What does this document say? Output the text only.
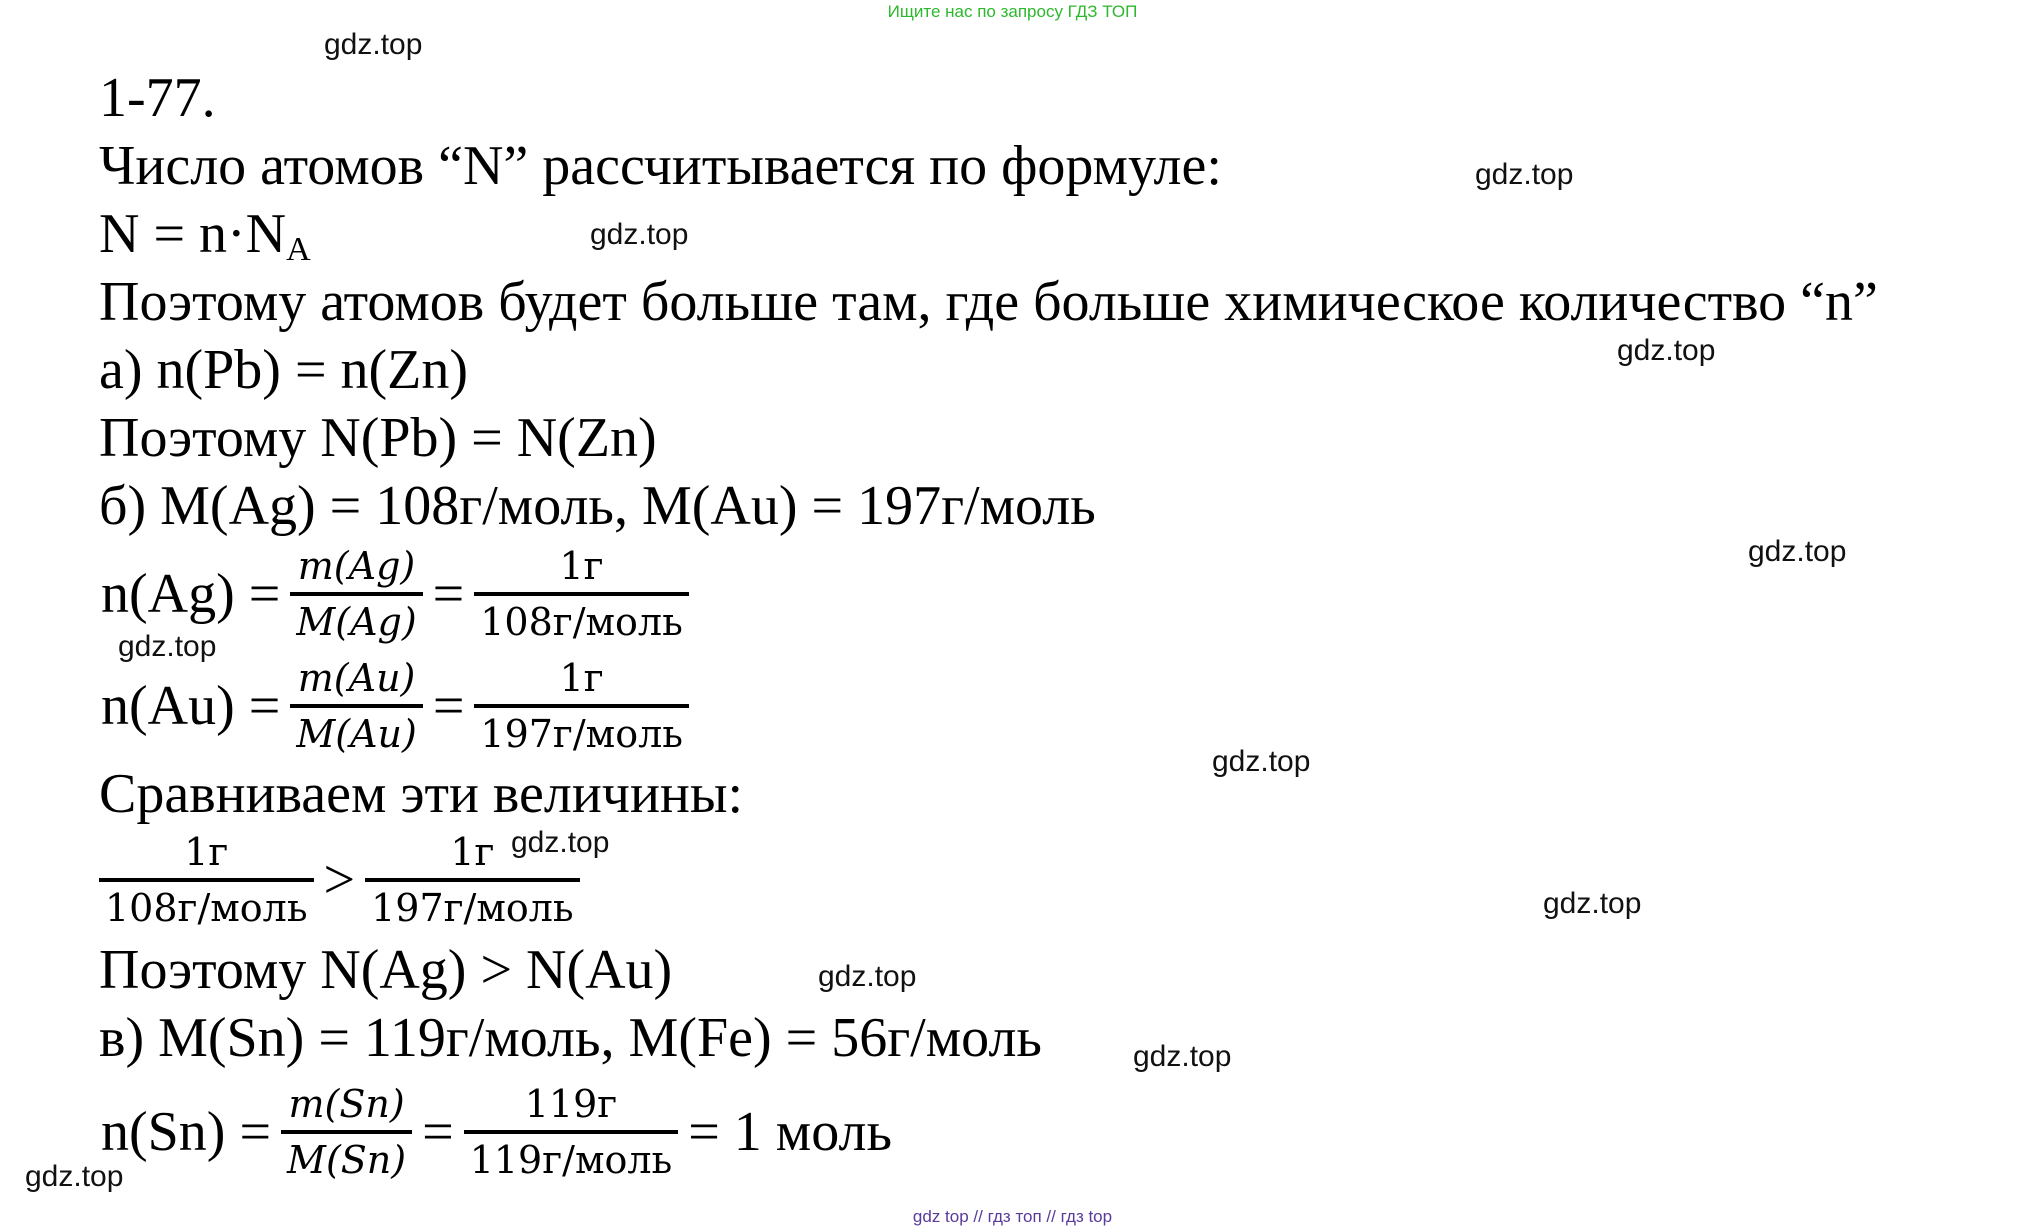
Ищите нас по запросу ГДЗ ТОП
gdz.top
gdz.top
gdz.top
gdz.top
gdz.top
gdz.top
gdz.top
gdz.top
gdz.top
gdz.top
gdz.top
gdz.top
1-77.
Число атомов “N” рассчитывается по формуле:
$N = n\cdot N_A$
Поэтому атомов будет больше там, где больше химическое количество “n”
а) n(Pb) = n(Zn)
Поэтому N(Pb) = N(Zn)
б) M(Ag) = 108г/моль, M(Au) = 197г/моль
$n(Ag) = \frac{m(Ag)}{M(Ag)} = \frac{1г}{\text{108г/моль}}$
$n(Au) = \frac{m(Au)}{M(Au)} = \frac{1г}{\text{197г/моль}}$
Сравниваем эти величины:
$\frac{1г}{\text{108г/моль}} > \frac{1г}{\text{197г/моль}}$
Поэтому N(Ag) > N(Au)
в) M(Sn) = 119г/моль, M(Fe) = 56г/моль
$n(Sn) = \frac{m(Sn)}{M(Sn)} = \frac{119г}{\text{119г/моль}} = 1$ моль
gdz top // гдз топ // гдз top
